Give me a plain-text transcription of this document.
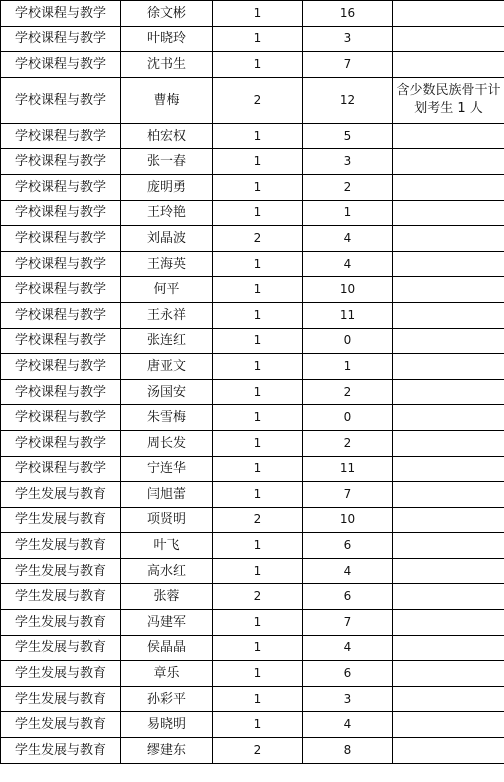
学校课程与教学	徐文彬	1	16	
学校课程与教学	叶晓玲	1	3	
学校课程与教学	沈书生	1	7	
学校课程与教学	曹梅	2	12	含少数民族骨干计划考生 1 人
学校课程与教学	柏宏权	1	5	
学校课程与教学	张一春	1	3	
学校课程与教学	庞明勇	1	2	
学校课程与教学	王玲艳	1	1	
学校课程与教学	刘晶波	2	4	
学校课程与教学	王海英	1	4	
学校课程与教学	何平	1	10	
学校课程与教学	王永祥	1	11	
学校课程与教学	张连红	1	0	
学校课程与教学	唐亚文	1	1	
学校课程与教学	汤国安	1	2	
学校课程与教学	朱雪梅	1	0	
学校课程与教学	周长发	1	2	
学校课程与教学	宁连华	1	11	
学生发展与教育	闫旭蕾	1	7	
学生发展与教育	项贤明	2	10	
学生发展与教育	叶飞	1	6	
学生发展与教育	高水红	1	4	
学生发展与教育	张蓉	2	6	
学生发展与教育	冯建军	1	7	
学生发展与教育	侯晶晶	1	4	
学生发展与教育	章乐	1	6	
学生发展与教育	孙彩平	1	3	
学生发展与教育	易晓明	1	4	
学生发展与教育	缪建东	2	8	
